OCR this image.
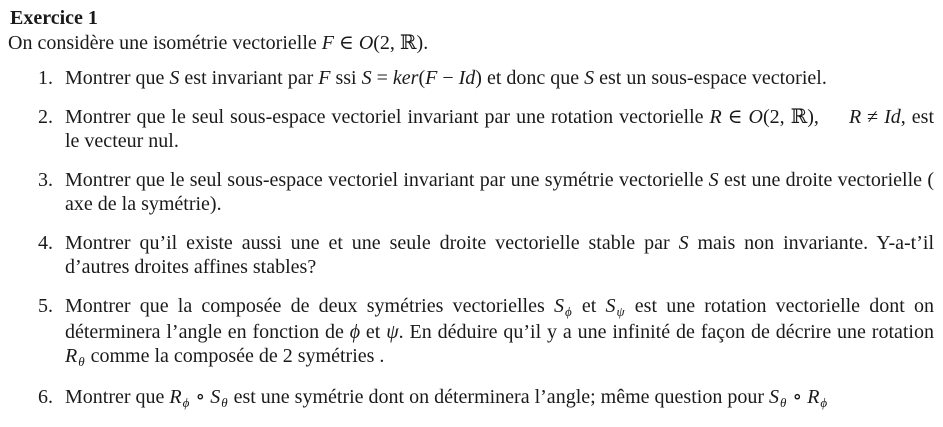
Exercice 1
On considère une isométrie vectorielle F ∈ O(2, ℝ).
1. Montrer que S est invariant par F ssi S = ker(F − Id) et donc que S est un sous-espace vectoriel.
2. Montrer que le seul sous-espace vectoriel invariant par une rotation vectorielle R ∈ O(2, ℝ),  R ≠ Id, est le vecteur nul.
3. Montrer que le seul sous-espace vectoriel invariant par une symétrie vectorielle S est une droite vectorielle ( axe de la symétrie).
4. Montrer qu’il existe aussi une et une seule droite vectorielle stable par S mais non invariante. Y-a-t’il d’autres droites affines stables?
5. Montrer que la composée de deux symétries vectorielles $S_\phi$ et $S_\psi$ est une rotation vectorielle dont on déterminera l’angle en fonction de ϕ et ψ. En déduire qu’il y a une infinité de façon de décrire une rotation $R_\theta$ comme la composée de 2 symétries .
6. Montrer que $R_\phi$ ∘ $S_\theta$ est une symétrie dont on déterminera l’angle; même question pour $S_\theta$ ∘ $R_\phi$
